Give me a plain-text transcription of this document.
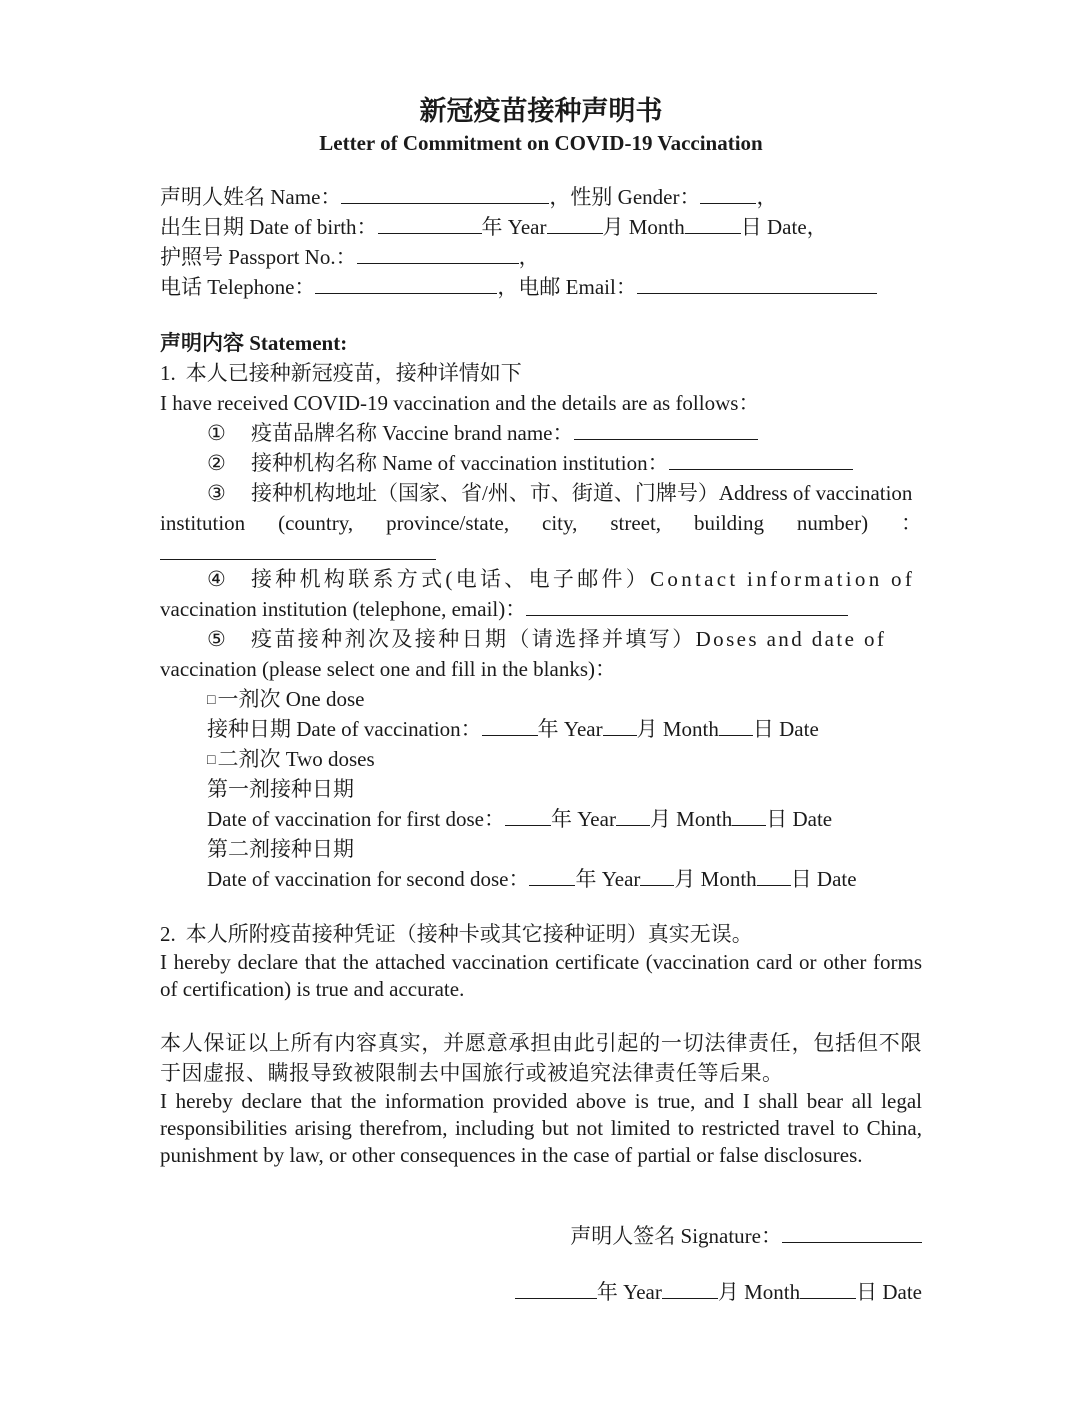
新冠疫苗接种声明书
Letter of Commitment on COVID-19 Vaccination
声明人姓名 Name：	，性别 Gender：	，
出生日期 Date of birth：	年 Year	月 Month	日 Date，
护照号 Passport No.：	，
电话 Telephone：	，电邮 Email：
声明内容 Statement:
1. 本人已接种新冠疫苗，接种详情如下
I have received COVID-19 vaccination and the details are as follows：
① 疫苗品牌名称 Vaccine brand name：
② 接种机构名称 Name of vaccination institution：
③ 接种机构地址（国家、省/州、市、街道、门牌号）Address of vaccination
institution (country, province/state, city, street, building number) ：
④ 接种机构联系方式(电话、电子邮件）Contact information of
vaccination institution (telephone, email)：
⑤ 疫苗接种剂次及接种日期（请选择并填写）Doses and date of
vaccination (please select one and fill in the blanks)：
□一剂次 One dose
接种日期 Date of vaccination：	年 Year 月 Month 日 Date
□二剂次 Two doses
第一剂接种日期
Date of vaccination for first dose： 年 Year 月 Month 日 Date
第二剂接种日期
Date of vaccination for second dose： 年 Year 月 Month 日 Date
2. 本人所附疫苗接种凭证（接种卡或其它接种证明）真实无误。
I hereby declare that the attached vaccination certificate (vaccination card or other forms of certification) is true and accurate.
本人保证以上所有内容真实，并愿意承担由此引起的一切法律责任，包括但不限于因虚报、瞒报导致被限制去中国旅行或被追究法律责任等后果。
I hereby declare that the information provided above is true, and I shall bear all legal responsibilities arising therefrom, including but not limited to restricted travel to China, punishment by law, or other consequences in the case of partial or false disclosures.
声明人签名 Signature：
年 Year	月 Month	日 Date
